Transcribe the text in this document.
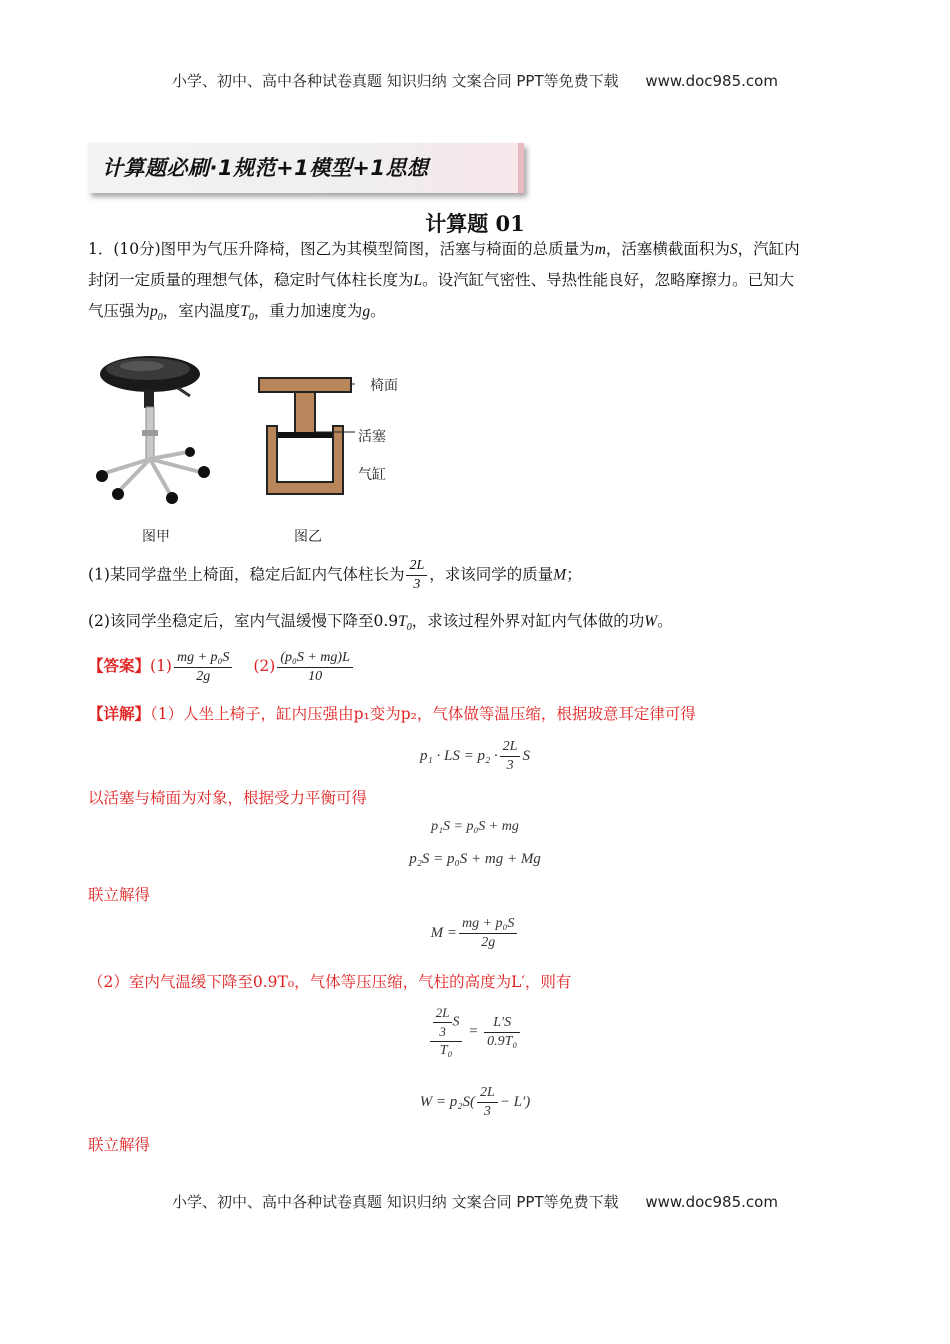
小学、初中、高中各种试卷真题 知识归纳 文案合同 PPT等免费下载 www.doc985.com
计算题必刷·1规范+1模型+1思想
计算题 01
1．(10分)图甲为气压升降椅，图乙为其模型简图，活塞与椅面的总质量为m，活塞横截面积为S，汽缸内
封闭一定质量的理想气体，稳定时气体柱长度为L。设汽缸气密性、导热性能良好，忽略摩擦力。已知大
气压强为$p_0$，室内温度$T_0$，重力加速度为g。
图甲
椅面
活塞
气缸
图乙
(1)某同学盘坐上椅面，稳定后缸内气体柱长为 $\frac{2L}{3}$ ，求该同学的质量M；
(2)该同学坐稳定后，室内气温缓慢下降至$0.9T_0$，求该过程外界对缸内气体做的功W。
【答案】$(1) \frac{\text{mg + p₀S}}{2g} (2) \frac{\text{(p₀S + mg)L}}{10}$
【详解】（1）人坐上椅子，缸内压强由p₁变为p₂，气体做等温压缩，根据玻意耳定律可得
p₁ · LS = $p_2 \cdot \frac{2L}{3}$ S
以活塞与椅面为对象，根据受力平衡可得
p₁S = p₀S + mg
p₂S = p₀S + mg + Mg
联立解得
$M = \frac{\text{mg + p₀S}}{2g}$
（2）室内气温缓下降至0.9T₀，气体等压压缩，气柱的高度为L′，则有
$\frac{\frac{2L}{3} S}{\text{T₀}} = \frac{L'S}{\text{0.9T₀}}$
$W = p_2S( \frac{2L}{3} - L')$
联立解得
小学、初中、高中各种试卷真题 知识归纳 文案合同 PPT等免费下载 www.doc985.com
